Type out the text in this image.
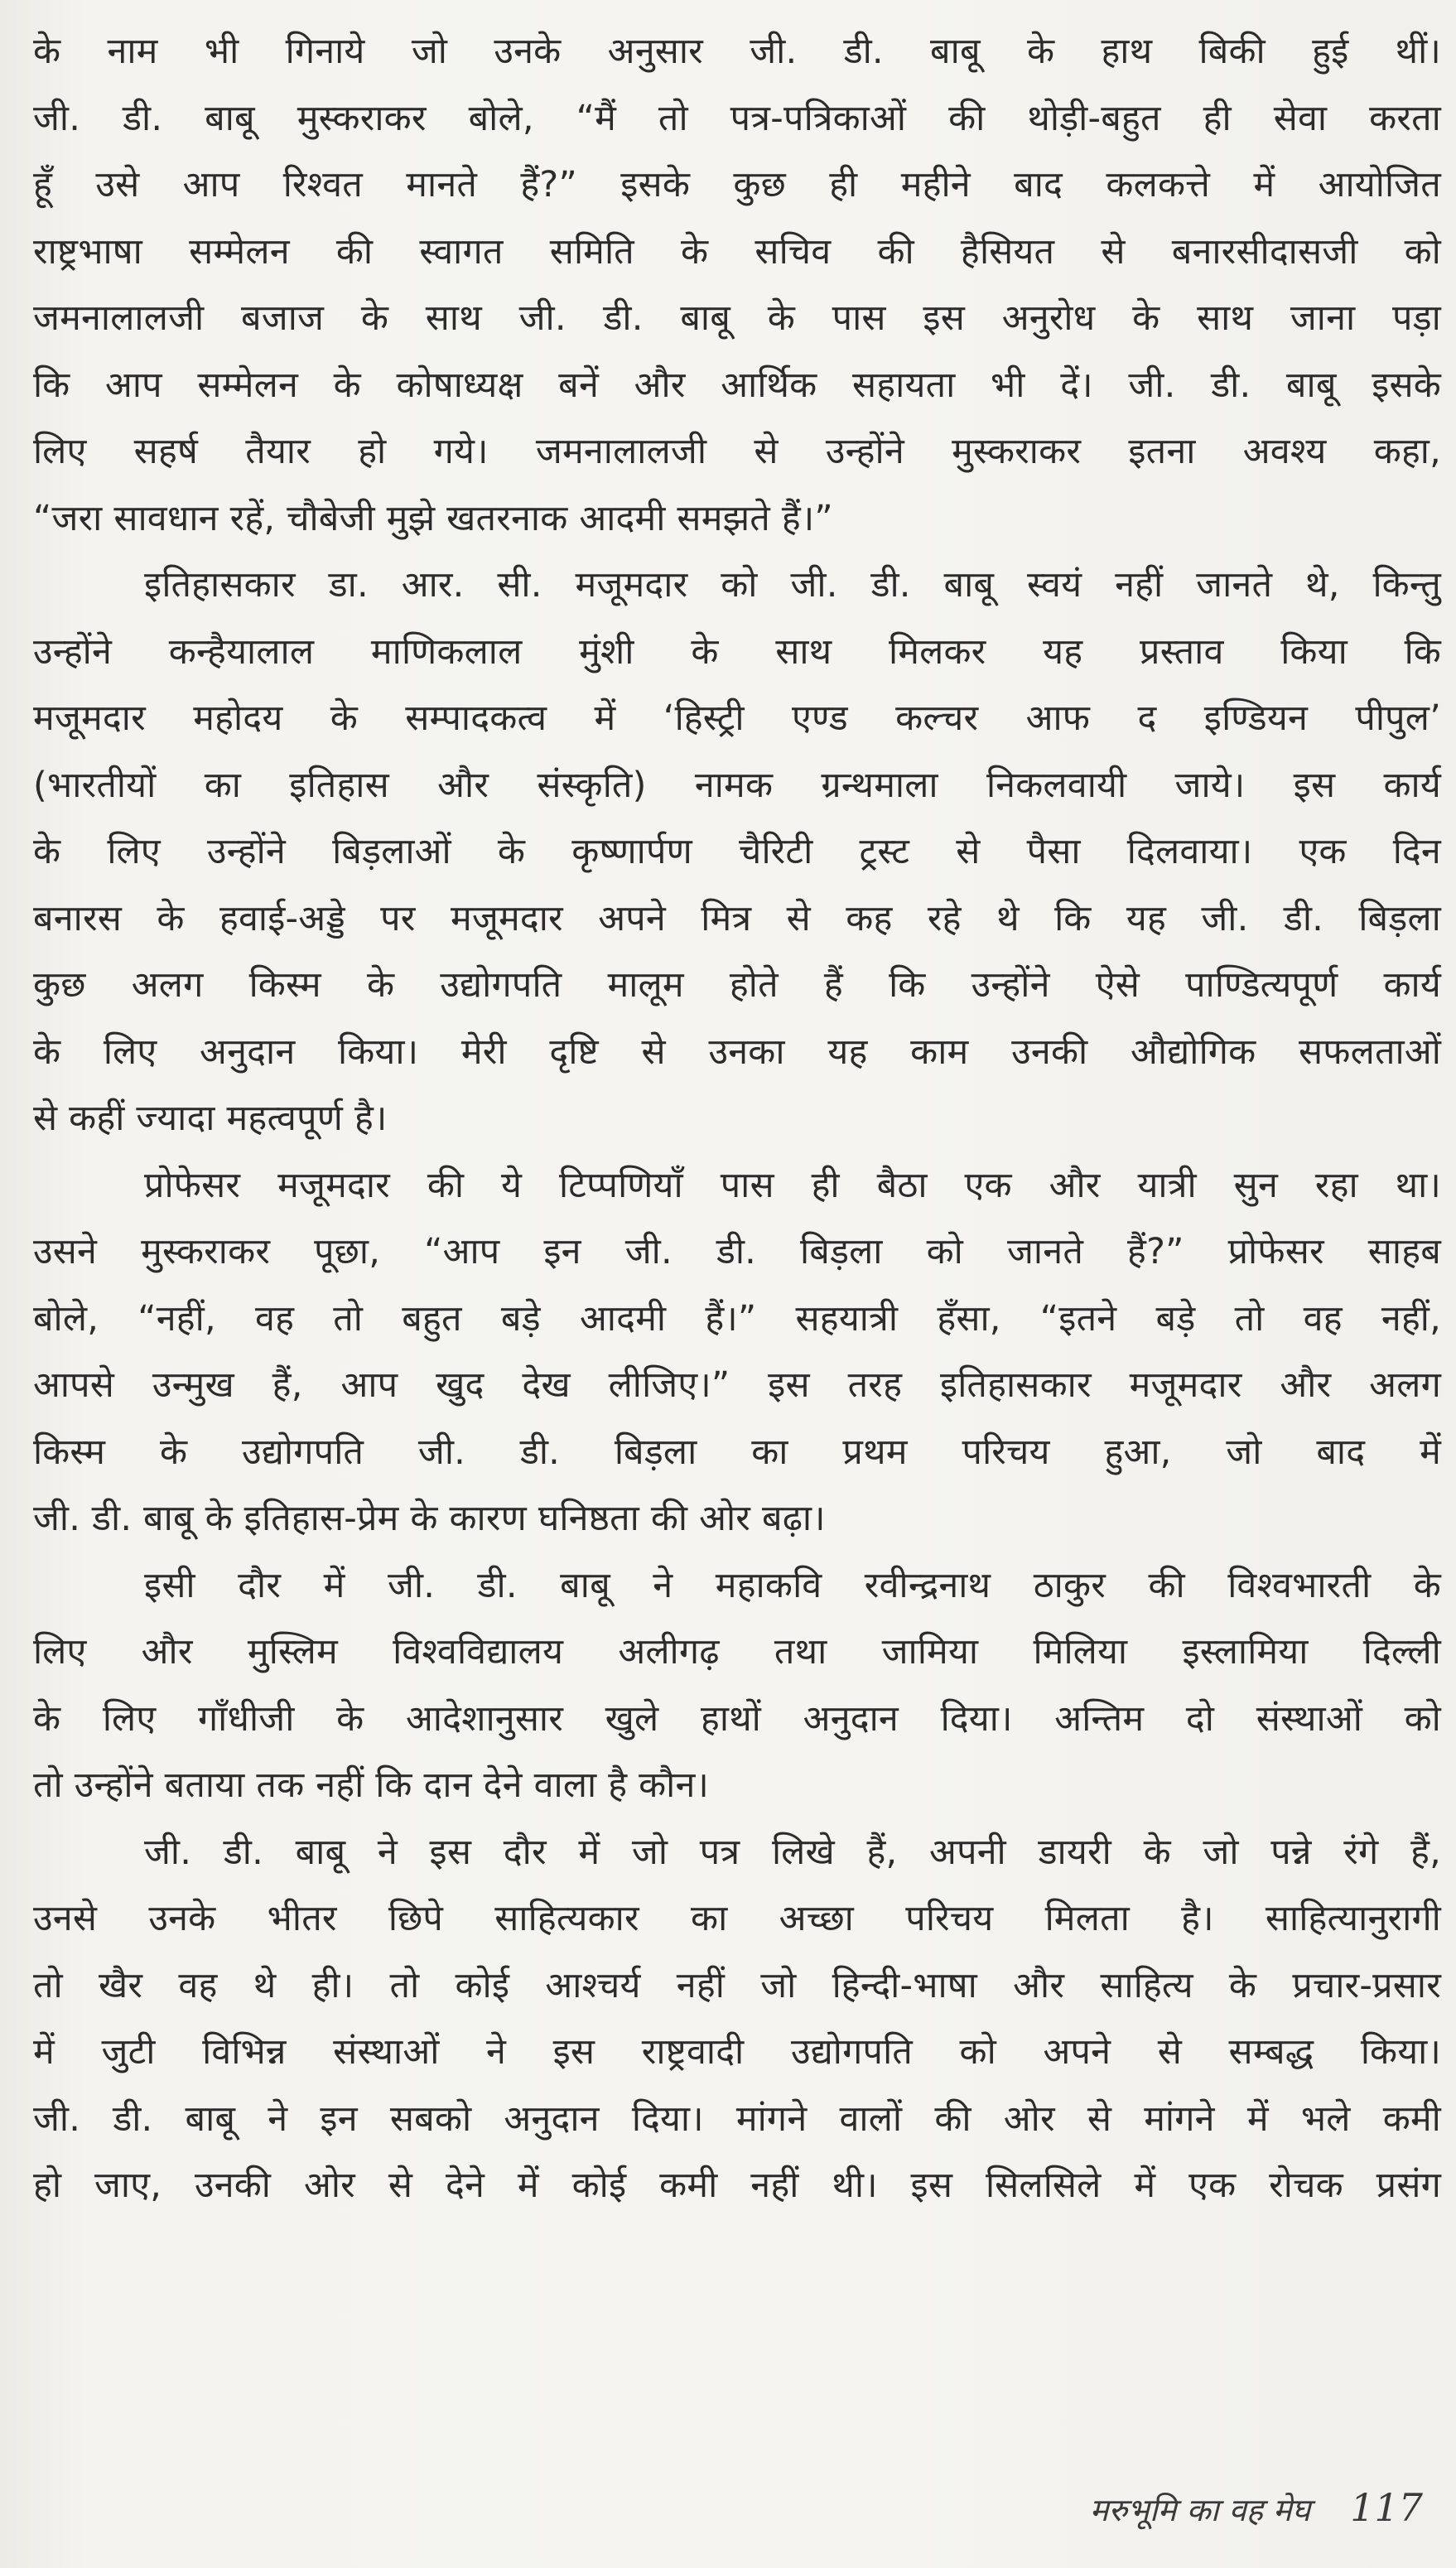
के नाम भी गिनाये जो उनके अनुसार जी. डी. बाबू के हाथ बिकी हुई थीं।
जी. डी. बाबू मुस्कराकर बोले, “मैं तो पत्र-पत्रिकाओं की थोड़ी-बहुत ही सेवा करता
हूँ उसे आप रिश्वत मानते हैं?” इसके कुछ ही महीने बाद कलकत्ते में आयोजित
राष्ट्रभाषा सम्मेलन की स्वागत समिति के सचिव की हैसियत से बनारसीदासजी को
जमनालालजी बजाज के साथ जी. डी. बाबू के पास इस अनुरोध के साथ जाना पड़ा
कि आप सम्मेलन के कोषाध्यक्ष बनें और आर्थिक सहायता भी दें। जी. डी. बाबू इसके
लिए सहर्ष तैयार हो गये। जमनालालजी से उन्होंने मुस्कराकर इतना अवश्य कहा,
“जरा सावधान रहें, चौबेजी मुझे खतरनाक आदमी समझते हैं।”
इतिहासकार डा. आर. सी. मजूमदार को जी. डी. बाबू स्वयं नहीं जानते थे, किन्तु
उन्होंने कन्हैयालाल माणिकलाल मुंशी के साथ मिलकर यह प्रस्ताव किया कि
मजूमदार महोदय के सम्पादकत्व में ‘हिस्ट्री एण्ड कल्चर आफ द इण्डियन पीपुल’
(भारतीयों का इतिहास और संस्कृति) नामक ग्रन्थमाला निकलवायी जाये। इस कार्य
के लिए उन्होंने बिड़लाओं के कृष्णार्पण चैरिटी ट्रस्ट से पैसा दिलवाया। एक दिन
बनारस के हवाई-अड्डे पर मजूमदार अपने मित्र से कह रहे थे कि यह जी. डी. बिड़ला
कुछ अलग किस्म के उद्योगपति मालूम होते हैं कि उन्होंने ऐसे पाण्डित्यपूर्ण कार्य
के लिए अनुदान किया। मेरी दृष्टि से उनका यह काम उनकी औद्योगिक सफलताओं
से कहीं ज्यादा महत्वपूर्ण है।
प्रोफेसर मजूमदार की ये टिप्पणियाँ पास ही बैठा एक और यात्री सुन रहा था।
उसने मुस्कराकर पूछा, “आप इन जी. डी. बिड़ला को जानते हैं?” प्रोफेसर साहब
बोले, “नहीं, वह तो बहुत बड़े आदमी हैं।” सहयात्री हँसा, “इतने बड़े तो वह नहीं,
आपसे उन्मुख हैं, आप खुद देख लीजिए।” इस तरह इतिहासकार मजूमदार और अलग
किस्म के उद्योगपति जी. डी. बिड़ला का प्रथम परिचय हुआ, जो बाद में
जी. डी. बाबू के इतिहास-प्रेम के कारण घनिष्ठता की ओर बढ़ा।
इसी दौर में जी. डी. बाबू ने महाकवि रवीन्द्रनाथ ठाकुर की विश्वभारती के
लिए और मुस्लिम विश्वविद्यालय अलीगढ़ तथा जामिया मिलिया इस्लामिया दिल्ली
के लिए गाँधीजी के आदेशानुसार खुले हाथों अनुदान दिया। अन्तिम दो संस्थाओं को
तो उन्होंने बताया तक नहीं कि दान देने वाला है कौन।
जी. डी. बाबू ने इस दौर में जो पत्र लिखे हैं, अपनी डायरी के जो पन्ने रंगे हैं,
उनसे उनके भीतर छिपे साहित्यकार का अच्छा परिचय मिलता है। साहित्यानुरागी
तो खैर वह थे ही। तो कोई आश्चर्य नहीं जो हिन्दी-भाषा और साहित्य के प्रचार-प्रसार
में जुटी विभिन्न संस्थाओं ने इस राष्ट्रवादी उद्योगपति को अपने से सम्बद्ध किया।
जी. डी. बाबू ने इन सबको अनुदान दिया। मांगने वालों की ओर से मांगने में भले कमी
हो जाए, उनकी ओर से देने में कोई कमी नहीं थी। इस सिलसिले में एक रोचक प्रसंग
मरुभूमि का वह मेघ 117
